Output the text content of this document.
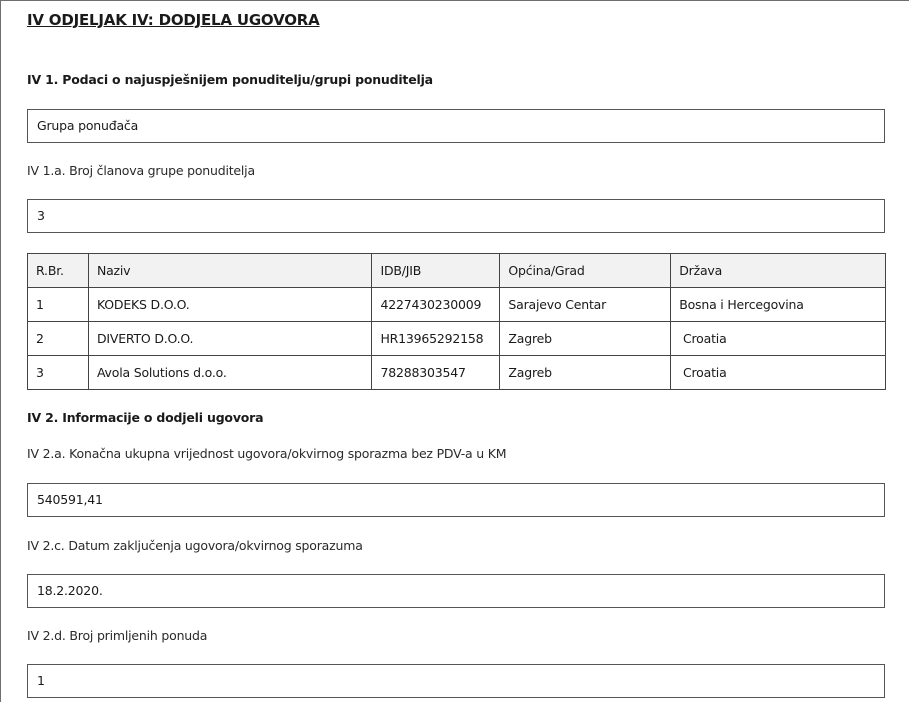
IV ODJELJAK IV: DODJELA UGOVORA
IV 1. Podaci o najuspješnijem ponuditelju/grupi ponuditelja
Grupa ponuđača
IV 1.a. Broj članova grupe ponuditelja
3
R.Br.	Naziv	IDB/JIB	Općina/Grad	Država
1	KODEKS D.O.O.	4227430230009	Sarajevo Centar	Bosna i Hercegovina
2	DIVERTO D.O.O.	HR13965292158	Zagreb	Croatia
3	Avola Solutions d.o.o.	78288303547	Zagreb	Croatia
IV 2. Informacije o dodjeli ugovora
IV 2.a. Konačna ukupna vrijednost ugovora/okvirnog sporazma bez PDV-a u KM
540591,41
IV 2.c. Datum zaključenja ugovora/okvirnog sporazuma
18.2.2020.
IV 2.d. Broj primljenih ponuda
1
